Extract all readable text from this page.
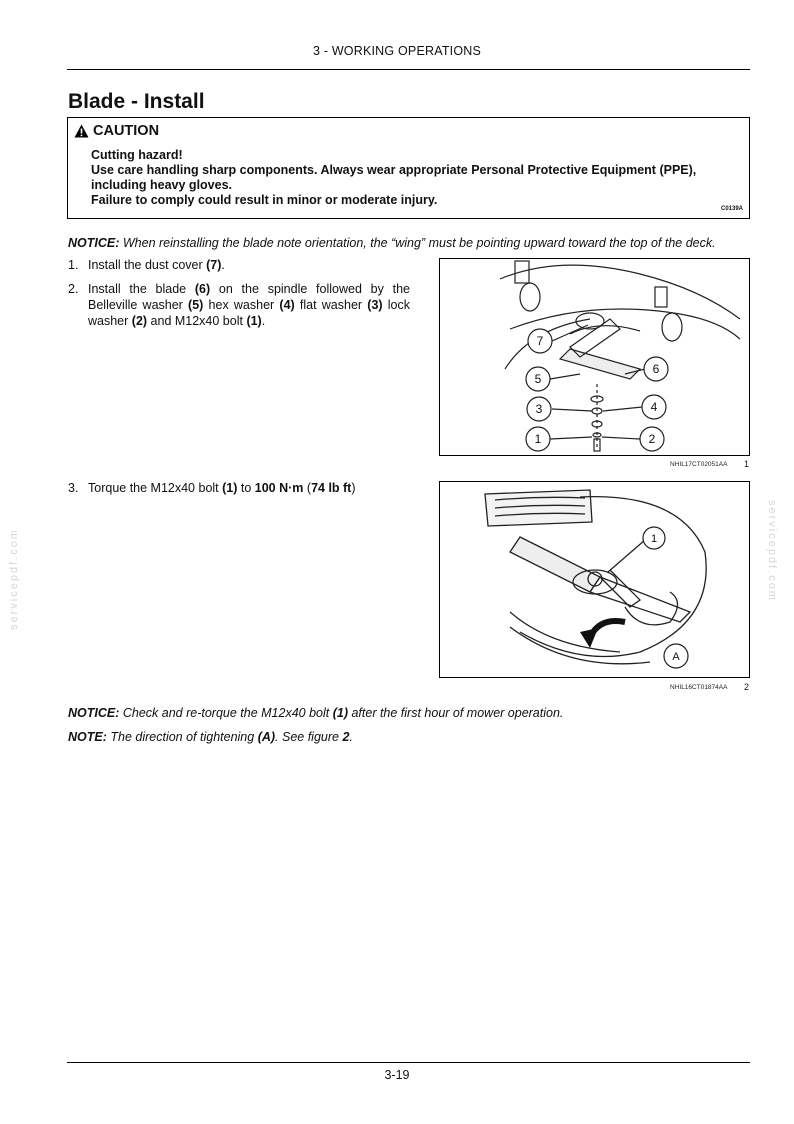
3 - WORKING OPERATIONS
Blade - Install
CAUTION
Cutting hazard!
Use care handling sharp components. Always wear appropriate Personal Protective Equipment (PPE),
including heavy gloves.
Failure to comply could result in minor or moderate injury.
C0139A
NOTICE: When reinstalling the blade note orientation, the “wing” must be pointing upward toward the top of the deck.
1. Install the dust cover (7).
2. Install the blade (6) on the spindle followed by the Belleville washer (5) hex washer (4) flat washer (3) lock washer (2) and M12x40 bolt (1).
7
5
3
1
6
4
2
NHIL17CT02051AA 1
3. Torque the M12x40 bolt (1) to 100 N·m (74 lb ft)
1
A
NHIL16CT01874AA 2
NOTICE: Check and re-torque the M12x40 bolt (1) after the first hour of mower operation.
NOTE: The direction of tightening (A). See figure 2.
servicepdf.com	servicepdf.com
3-19
